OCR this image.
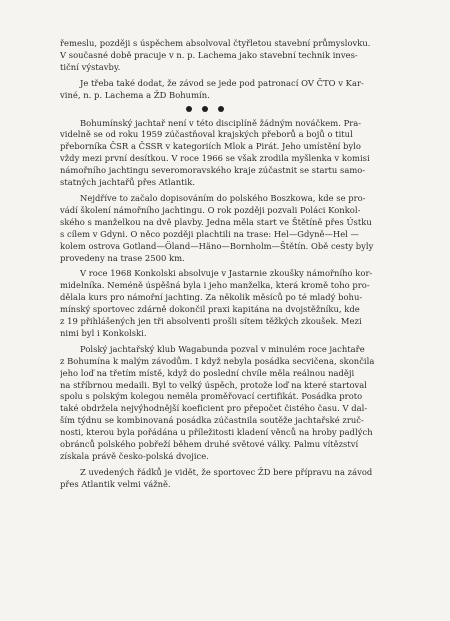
řemeslu, později s úspěchem absolvoval čtyřletou stavební průmyslovku.
V současné době pracuje v n. p. Lachema jako stavební technik inves-
tiční výstavby.

Je třeba také dodat, že závod se jede pod patronací OV ČTO v Kar-
viné, n. p. Lachema a ŽD Bohumín.

Bohumínský jachtař není v této disciplíně žádným nováčkem. Pra-
videlně se od roku 1959 zúčastňoval krajských přeborů a bojů o titul
přeborníka ČSR a ČSSR v kategoriích Mlok a Pirát. Jeho umístění bylo
vždy mezi první desítkou. V roce 1966 se však zrodila myšlenka v komisi
námořního jachtingu severomoravského kraje zúčastnit se startu samo-
statných jachtařů přes Atlantik.

Nejdříve to začalo dopisováním do polského Boszkowa, kde se pro-
vádí školení námořního jachtingu. O rok později pozvali Poláci Konkol-
ského s manželkou na dvě plavby. Jedna měla start ve Štětíně přes Ústku
s cílem v Gdyni. O něco později plachtili na trase: Hel—Gdyně—Hel —
kolem ostrova Gotland—Öland—Häno—Bornholm—Štětín. Obě cesty byly
provedeny na trase 2500 km.

V roce 1968 Konkolski absolvuje v Jastarnie zkoušky námořního kor-
midelníka. Neméně úspěšná byla i jeho manželka, která kromě toho pro-
dělala kurs pro námořní jachting. Za několik měsíců po té mladý bohu-
mínský sportovec zdárně dokončil praxi kapitána na dvojstěžníku, kde
z 19 přihlášených jen tři absolventi prošli sítem těžkých zkoušek. Mezi
nimi byl i Konkolski.

Polský jachtařský klub Wagabunda pozval v minulém roce jachtaře
z Bohumína k malým závodům. I když nebyla posádka secvičena, skončila
jeho loď na třetím místě, když do poslední chvíle měla reálnou naději
na stříbrnou medaili. Byl to velký úspěch, protože loď na které startoval
spolu s polským kolegou neměla proměřovací certifikát. Posádka proto
také obdržela nejvýhodnější koeficient pro přepočet čistého času. V dal-
ším týdnu se kombinovaná posádka zúčastnila soutěže jachtařské zruč-
nosti, kterou byla pořádána u příležitosti kladení věnců na hroby padlých
obránců polského pobřeží během druhé světové války. Palmu vítězství
získala právě česko-polská dvojice.

Z uvedených řádků je vidět, že sportovec ŽD bere přípravu na závod
přes Atlantik velmi vážně.
